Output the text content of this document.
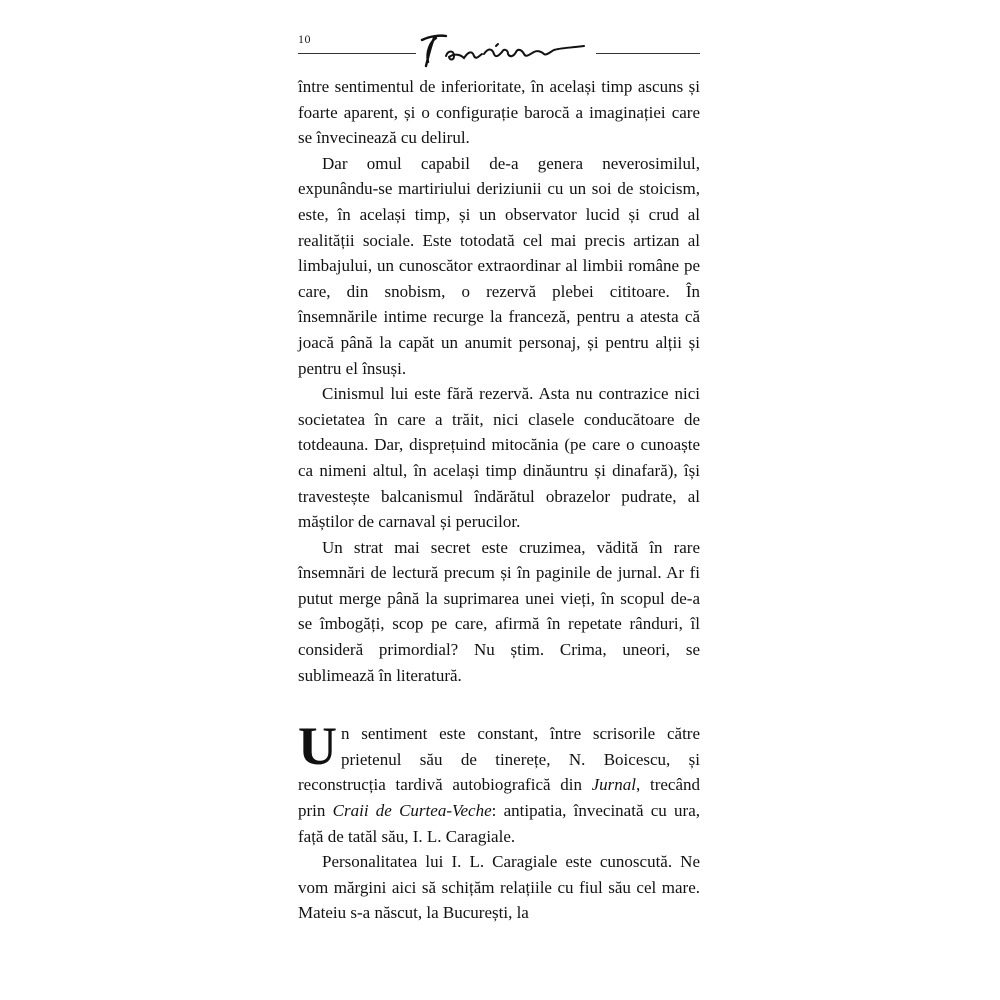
10

între sentimentul de inferioritate, în același timp ascuns și foarte aparent, și o configurație barocă a imaginației care se învecinează cu delirul.

Dar omul capabil de-a genera neverosimilul, expunându-se martiriului deriziunii cu un soi de stoicism, este, în același timp, și un observator lucid și crud al realității sociale. Este totodată cel mai precis artizan al limbajului, un cunoscător extraordinar al limbii române pe care, din snobism, o rezervă plebei cititoare. În însemnările intime recurge la franceză, pentru a atesta că joacă până la capăt un anumit personaj, și pentru alții și pentru el însuși.

Cinismul lui este fără rezervă. Asta nu contrazice nici societatea în care a trăit, nici clasele conducătoare de totdeauna. Dar, disprețuind mitocănia (pe care o cunoaște ca nimeni altul, în același timp dinăuntru și dinafară), își travestește balcanismul îndărătul obrazelor pudrate, al măștilor de carnaval și perucilor.

Un strat mai secret este cruzimea, vădită în rare însemnări de lectură precum și în paginile de jurnal. Ar fi putut merge până la suprimarea unei vieți, în scopul de-a se îmbogăți, scop pe care, afirmă în repetate rânduri, îl consideră primordial? Nu știm. Crima, uneori, se sublimează în literatură.

Un sentiment este constant, între scrisorile către prietenul său de tinerețe, N. Boicescu, și reconstrucția tardivă autobiografică din Jurnal, trecând prin Craii de Curtea-Veche: antipatia, învecinată cu ura, față de tatăl său, I. L. Caragiale.

Personalitatea lui I. L. Caragiale este cunoscută. Ne vom mărgini aici să schițăm relațiile cu fiul său cel mare. Mateiu s-a născut, la București, la
